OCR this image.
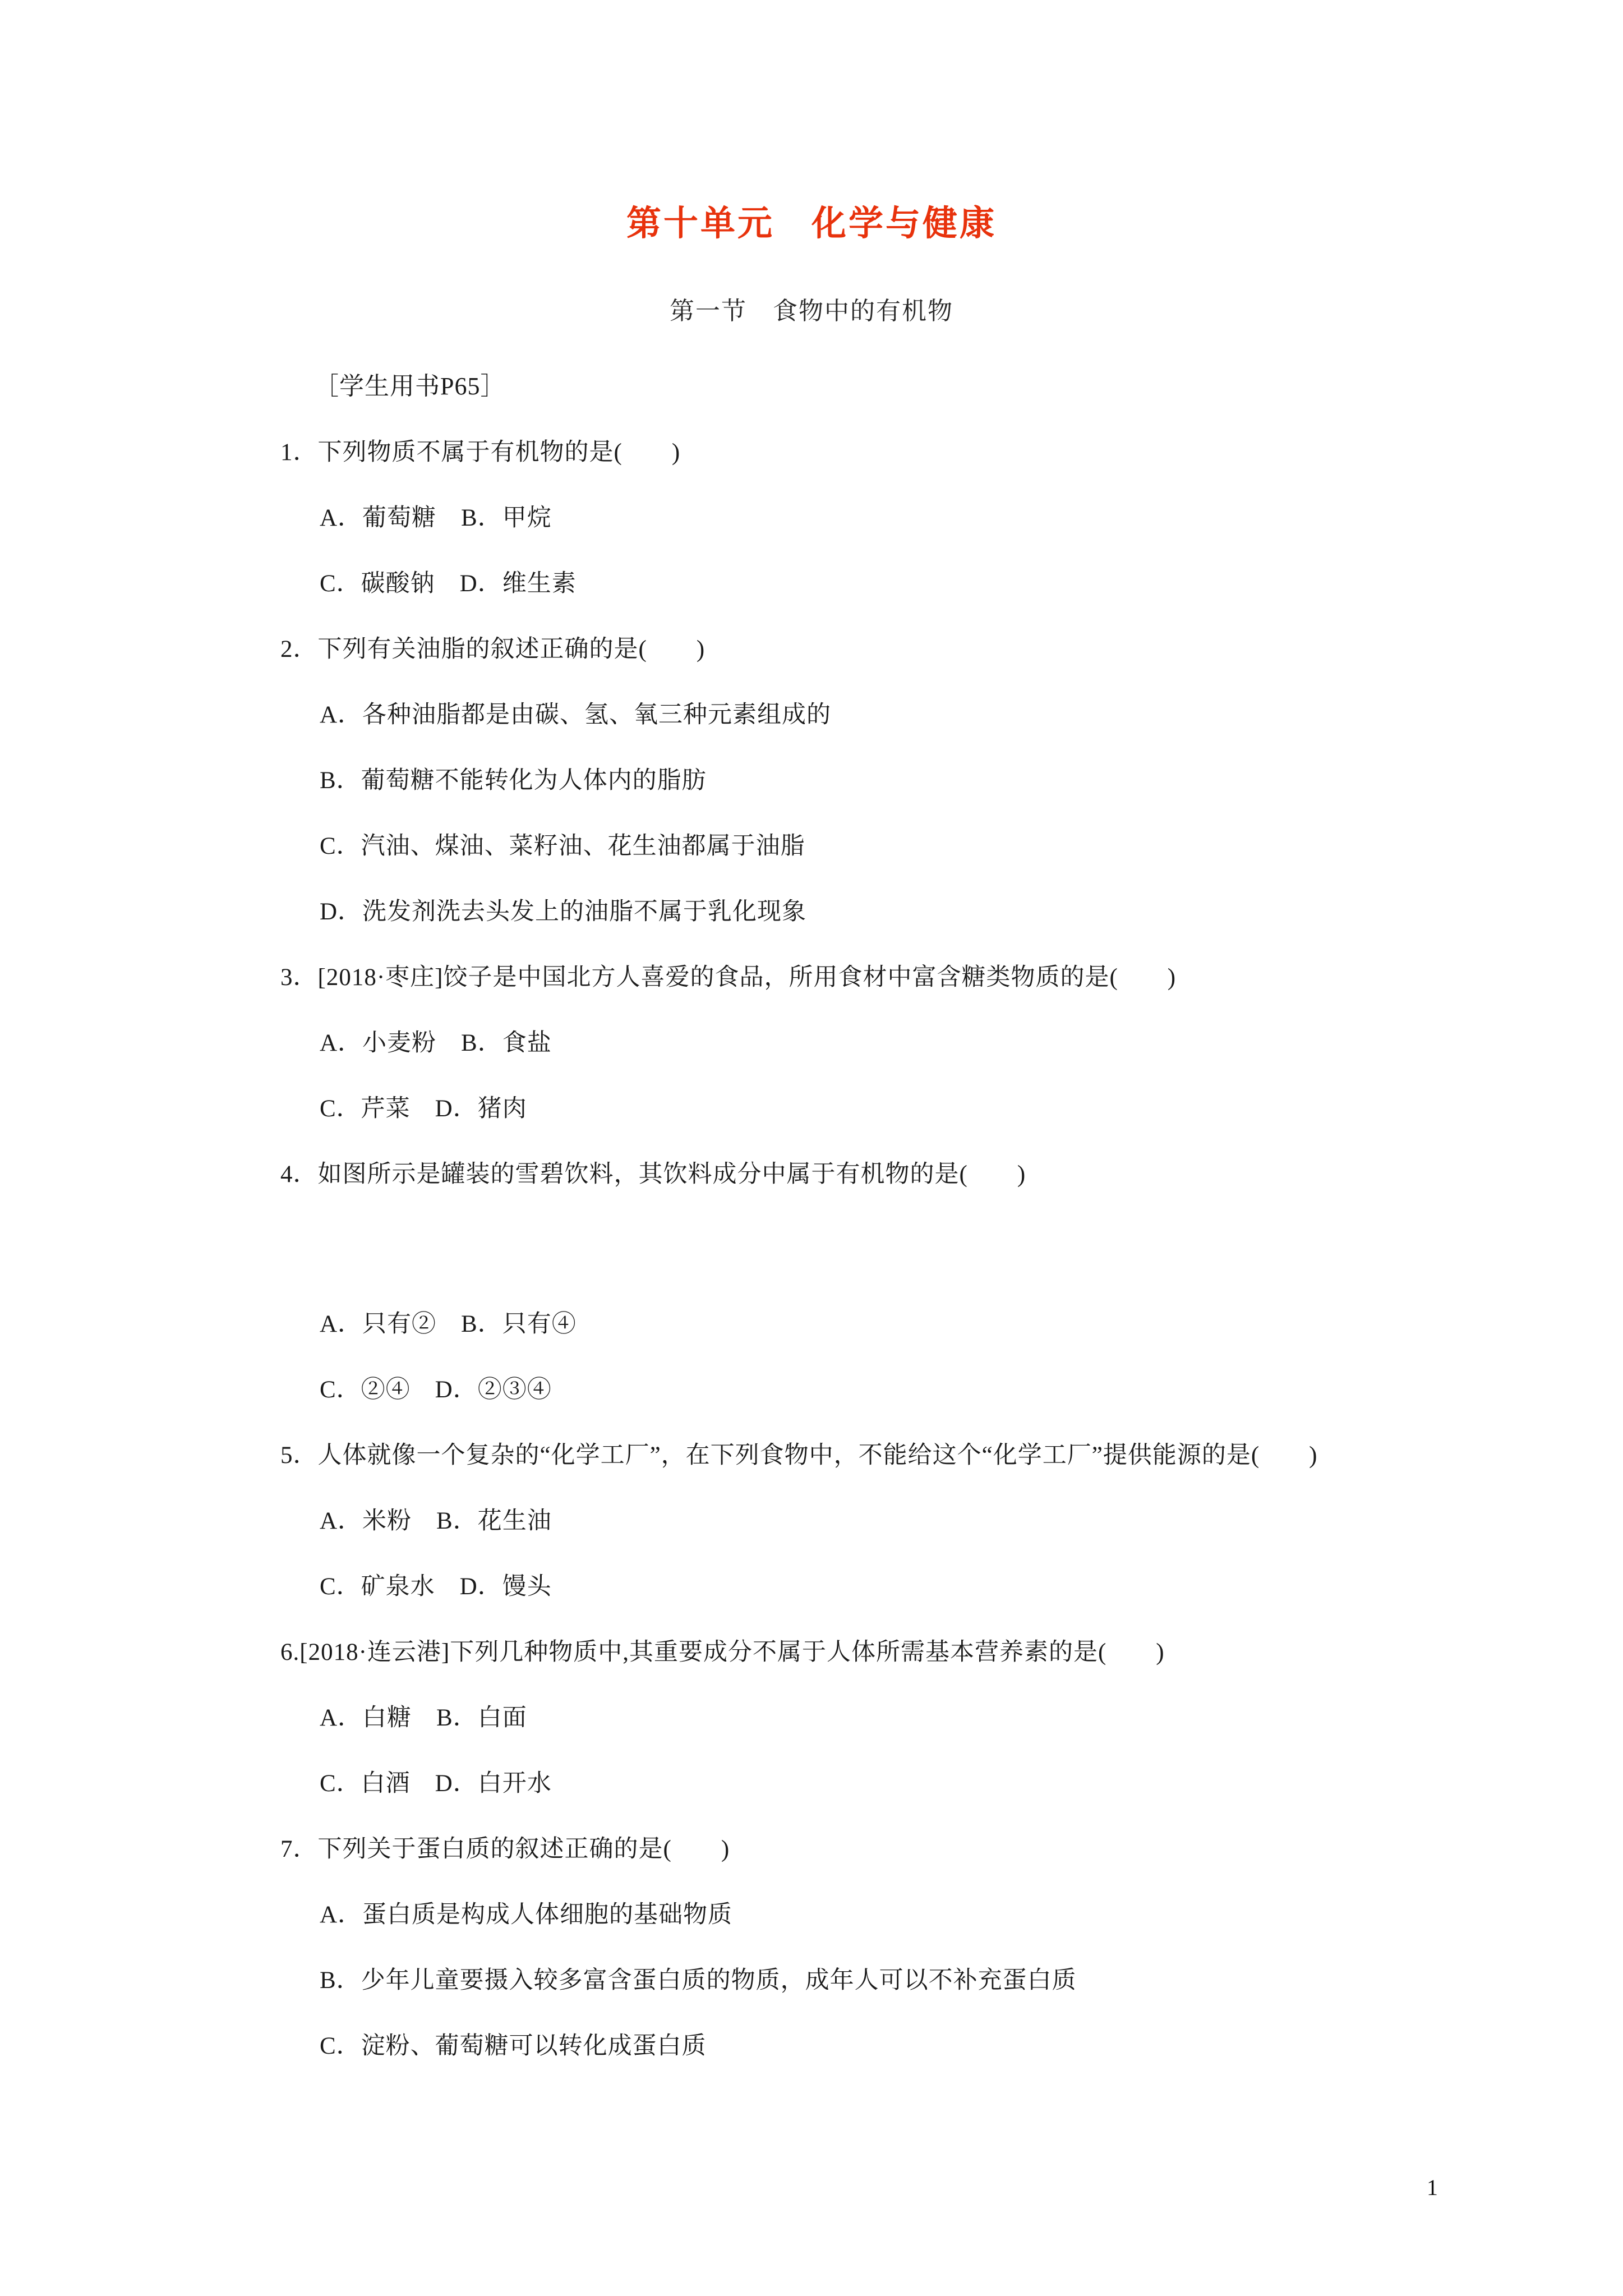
第十单元　化学与健康
第一节　食物中的有机物

［学生用书P65］

1．下列物质不属于有机物的是(　　)

A．葡萄糖　B．甲烷

C．碳酸钠　D．维生素

2．下列有关油脂的叙述正确的是(　　)

A．各种油脂都是由碳、氢、氧三种元素组成的

B．葡萄糖不能转化为人体内的脂肪

C．汽油、煤油、菜籽油、花生油都属于油脂

D．洗发剂洗去头发上的油脂不属于乳化现象

3．[2018·枣庄]饺子是中国北方人喜爱的食品，所用食材中富含糖类物质的是(　　)

A．小麦粉　B．食盐

C．芹菜　D．猪肉

4．如图所示是罐装的雪碧饮料，其饮料成分中属于有机物的是(　　)

A．只有②　B．只有④

C．②④　D．②③④

5．人体就像一个复杂的“化学工厂”，在下列食物中，不能给这个“化学工厂”提供能源的是(　　)

A．米粉　B．花生油

C．矿泉水　D．馒头

6.[2018·连云港]下列几种物质中,其重要成分不属于人体所需基本营养素的是(　　)

A．白糖　B．白面

C．白酒　D．白开水

7．下列关于蛋白质的叙述正确的是(　　)

A．蛋白质是构成人体细胞的基础物质

B．少年儿童要摄入较多富含蛋白质的物质，成年人可以不补充蛋白质

C．淀粉、葡萄糖可以转化成蛋白质

1
